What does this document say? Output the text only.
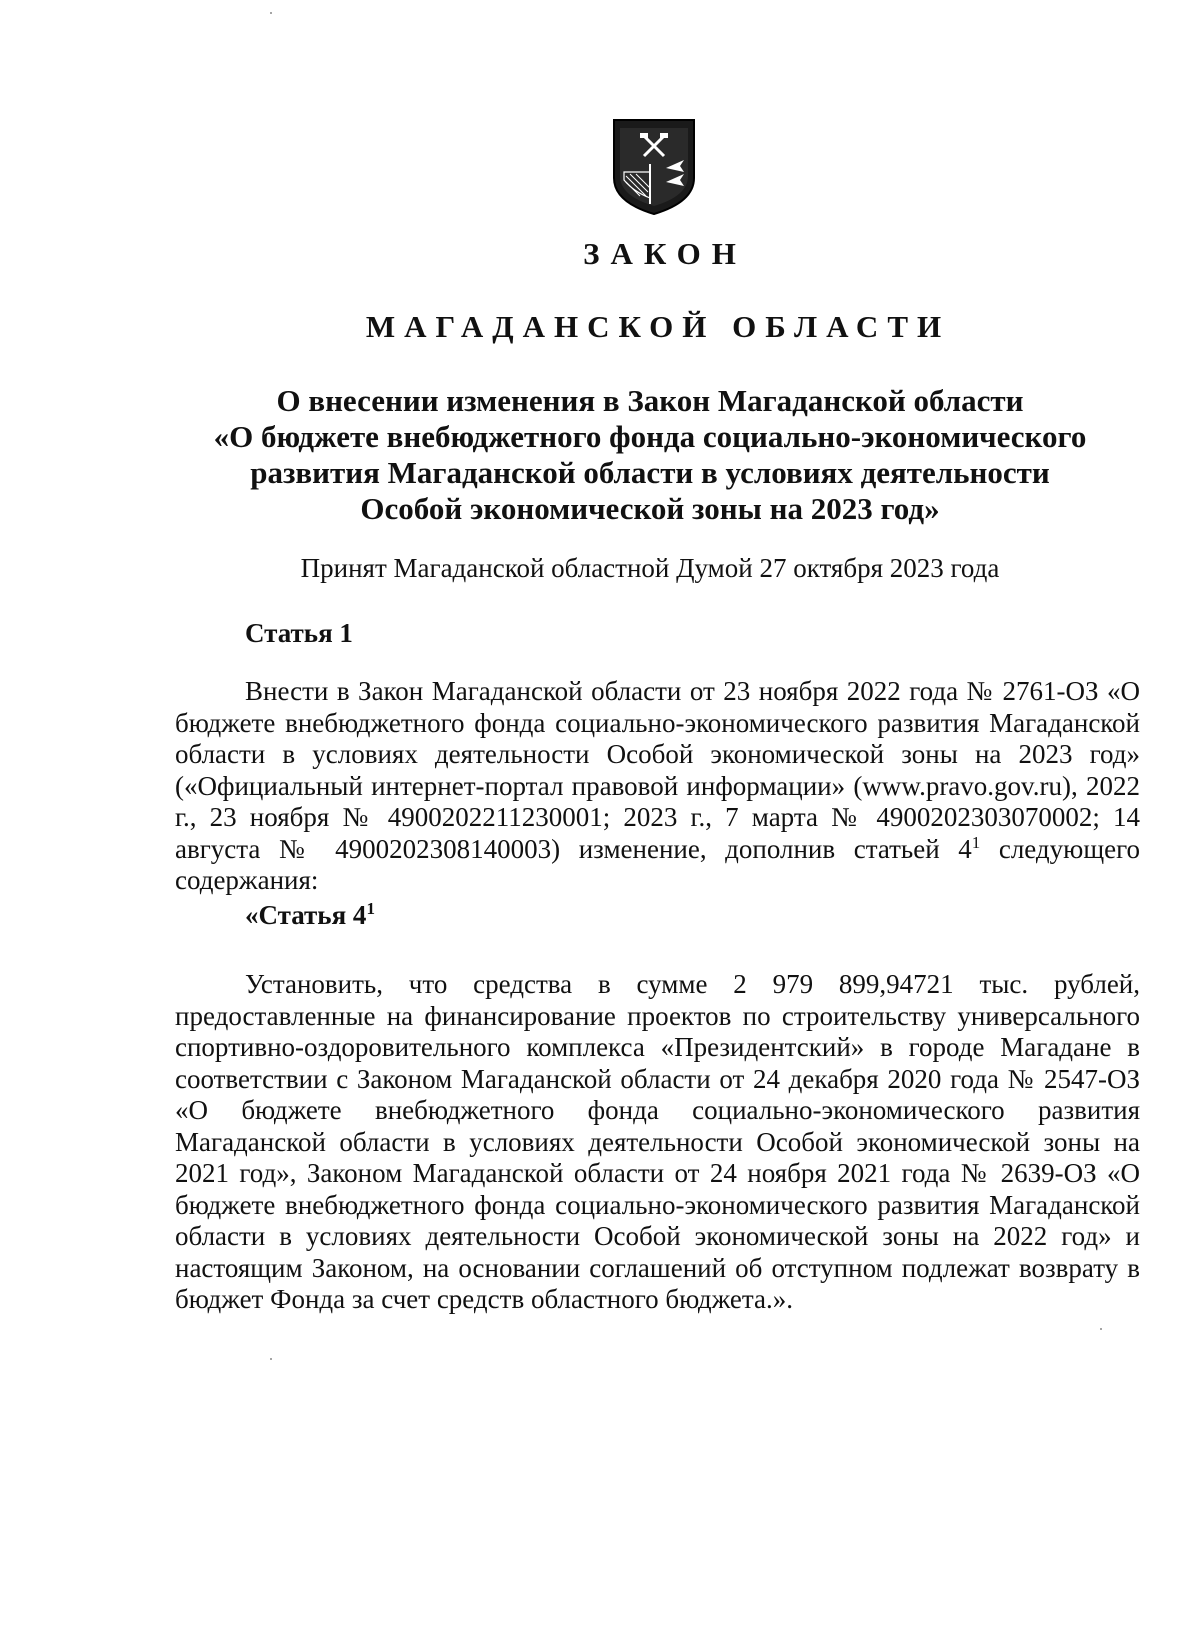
ЗАКОН
МАГАДАНСКОЙ ОБЛАСТИ
О внесении изменения в Закон Магаданской области
«О бюджете внебюджетного фонда социально-экономического
развития Магаданской области в условиях деятельности
Особой экономической зоны на 2023 год»
Принят Магаданской областной Думой 27 октября 2023 года
Статья 1

Внести в Закон Магаданской области от 23 ноября 2022 года № 2761-ОЗ «О бюджете внебюджетного фонда социально-экономического развития Магаданской области в условиях деятельности Особой экономической зоны на 2023 год» («Официальный интернет-портал правовой информации» (www.pravo.gov.ru), 2022 г., 23 ноября № 4900202211230001; 2023 г., 7 марта № 4900202303070002; 14 августа № 4900202308140003) изменение, дополнив статьей $4^1$ следующего содержания:

«Статья $4^1$

Установить, что средства в сумме 2 979 899,94721 тыс. рублей, предоставленные на финансирование проектов по строительству универсального спортивно-оздоровительного комплекса «Президентский» в городе Магадане в соответствии с Законом Магаданской области от 24 декабря 2020 года № 2547-ОЗ «О бюджете внебюджетного фонда социально-экономического развития Магаданской области в условиях деятельности Особой экономической зоны на 2021 год», Законом Магаданской области от 24 ноября 2021 года № 2639-ОЗ «О бюджете внебюджетного фонда социально-экономического развития Магаданской области в условиях деятельности Особой экономической зоны на 2022 год» и настоящим Законом, на основании соглашений об отступном подлежат возврату в бюджет Фонда за счет средств областного бюджета.».
